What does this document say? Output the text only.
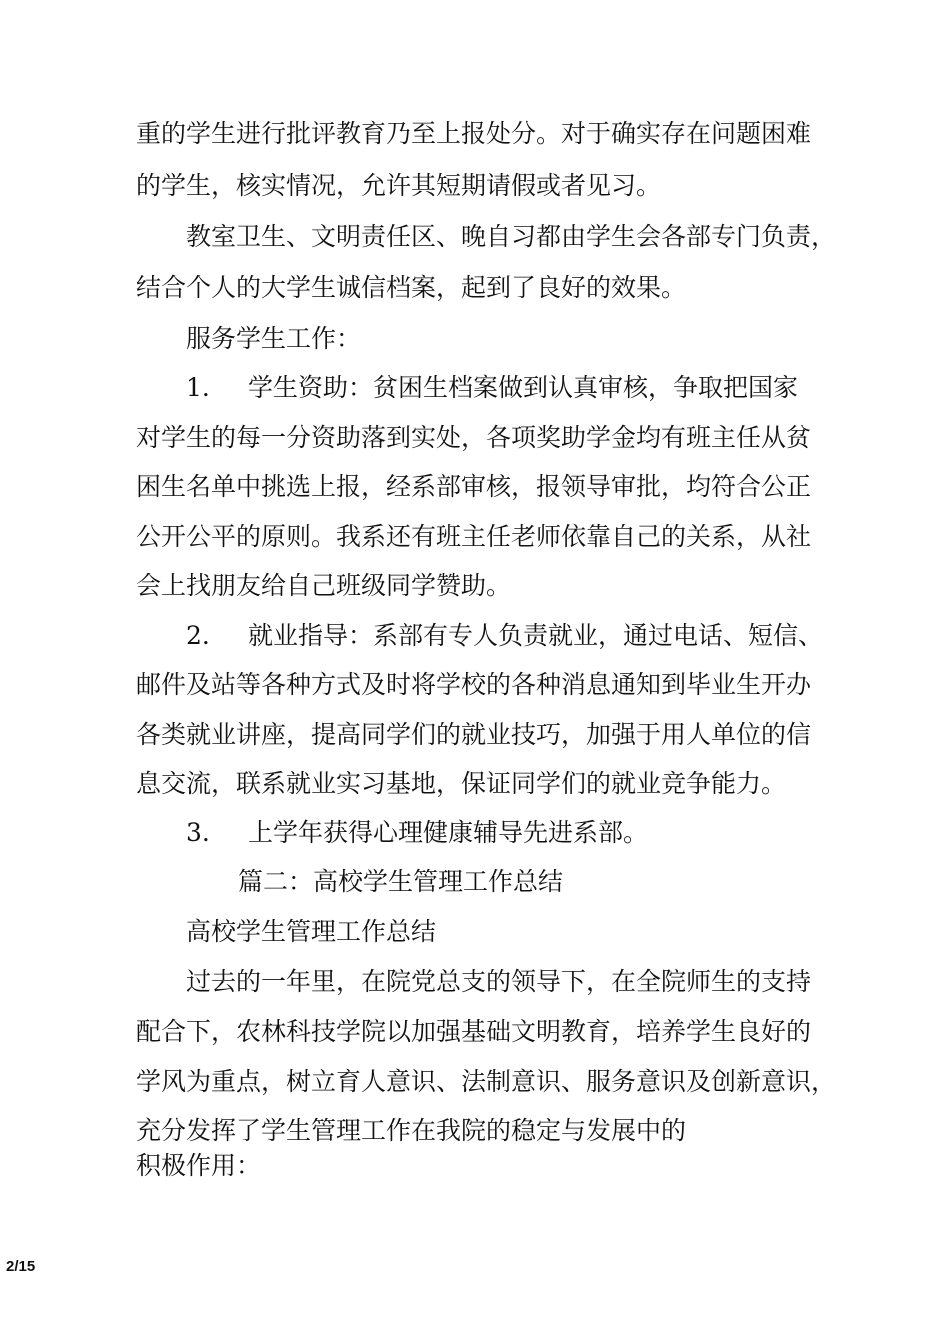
重的学生进行批评教育乃至上报处分。对于确实存在问题困难
的学生，核实情况，允许其短期请假或者见习。
教室卫生、文明责任区、晚自习都由学生会各部专门负责，
结合个人的大学生诚信档案，起到了良好的效果。
服务学生工作：
1. 学生资助：贫困生档案做到认真审核，争取把国家
对学生的每一分资助落到实处，各项奖助学金均有班主任从贫
困生名单中挑选上报，经系部审核，报领导审批，均符合公正
公开公平的原则。我系还有班主任老师依靠自己的关系，从社
会上找朋友给自己班级同学赞助。
2. 就业指导：系部有专人负责就业，通过电话、短信、
邮件及站等各种方式及时将学校的各种消息通知到毕业生开办
各类就业讲座，提高同学们的就业技巧，加强于用人单位的信
息交流，联系就业实习基地，保证同学们的就业竞争能力。
3. 上学年获得心理健康辅导先进系部。
篇二：高校学生管理工作总结
高校学生管理工作总结
过去的一年里，在院党总支的领导下，在全院师生的支持
配合下，农林科技学院以加强基础文明教育，培养学生良好的
学风为重点，树立育人意识、法制意识、服务意识及创新意识，
充分发挥了学生管理工作在我院的稳定与发展中的
积极作用：
2/15
